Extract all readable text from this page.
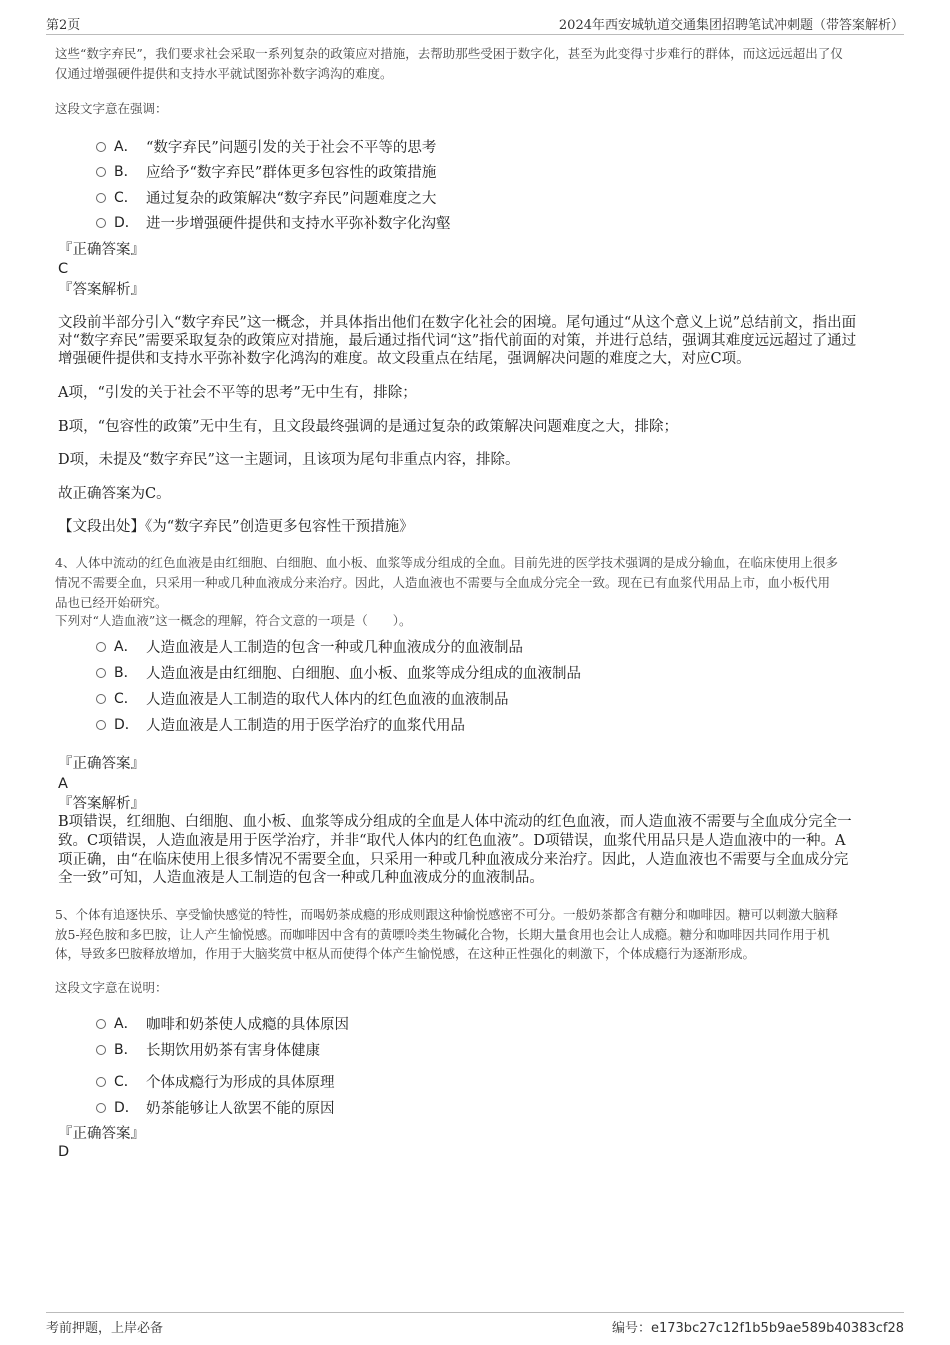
第2页	2024年西安城轨道交通集团招聘笔试冲刺题（带答案解析）

这些“数字弃民”，我们要求社会采取一系列复杂的政策应对措施，去帮助那些受困于数字化，甚至为此变得寸步难行的群体，而这远远超出了仅

仅通过增强硬件提供和支持水平就试图弥补数字鸿沟的难度。

这段文字意在强调：

A． “数字弃民”问题引发的关于社会不平等的思考
B． 应给予“数字弃民”群体更多包容性的政策措施
C． 通过复杂的政策解决“数字弃民”问题难度之大
D． 进一步增强硬件提供和支持水平弥补数字化沟壑

『正确答案』

C

『答案解析』

文段前半部分引入“数字弃民”这一概念，并具体指出他们在数字化社会的困境。尾句通过“从这个意义上说”总结前文，指出面

对“数字弃民”需要采取复杂的政策应对措施，最后通过指代词“这”指代前面的对策，并进行总结，强调其难度远远超过了通过

增强硬件提供和支持水平弥补数字化鸿沟的难度。故文段重点在结尾，强调解决问题的难度之大，对应C项。

A项，“引发的关于社会不平等的思考”无中生有，排除；

B项，“包容性的政策”无中生有，且文段最终强调的是通过复杂的政策解决问题难度之大，排除；

D项，未提及“数字弃民”这一主题词，且该项为尾句非重点内容，排除。

故正确答案为C。

【文段出处】《为“数字弃民”创造更多包容性干预措施》

4、人体中流动的红色血液是由红细胞、白细胞、血小板、血浆等成分组成的全血。目前先进的医学技术强调的是成分输血，在临床使用上很多

情况不需要全血，只采用一种或几种血液成分来治疗。因此，人造血液也不需要与全血成分完全一致。现在已有血浆代用品上市，血小板代用

品也已经开始研究。

下列对“人造血液”这一概念的理解，符合文意的一项是（　　）。

A． 人造血液是人工制造的包含一种或几种血液成分的血液制品
B． 人造血液是由红细胞、白细胞、血小板、血浆等成分组成的血液制品
C． 人造血液是人工制造的取代人体内的红色血液的血液制品
D． 人造血液是人工制造的用于医学治疗的血浆代用品

『正确答案』

A

『答案解析』

B项错误，红细胞、白细胞、血小板、血浆等成分组成的全血是人体中流动的红色血液，而人造血液不需要与全血成分完全一

致。C项错误，人造血液是用于医学治疗，并非“取代人体内的红色血液”。D项错误，血浆代用品只是人造血液中的一种。A

项正确，由“在临床使用上很多情况不需要全血，只采用一种或几种血液成分来治疗。因此，人造血液也不需要与全血成分完

全一致”可知，人造血液是人工制造的包含一种或几种血液成分的血液制品。

5、个体有追逐快乐、享受愉快感觉的特性，而喝奶茶成瘾的形成则跟这种愉悦感密不可分。一般奶茶都含有糖分和咖啡因。糖可以刺激大脑释

放5-羟色胺和多巴胺，让人产生愉悦感。而咖啡因中含有的黄嘌呤类生物碱化合物，长期大量食用也会让人成瘾。糖分和咖啡因共同作用于机

体，导致多巴胺释放增加，作用于大脑奖赏中枢从而使得个体产生愉悦感，在这种正性强化的刺激下，个体成瘾行为逐渐形成。

这段文字意在说明：

A． 咖啡和奶茶使人成瘾的具体原因
B． 长期饮用奶茶有害身体健康
C． 个体成瘾行为形成的具体原理
D． 奶茶能够让人欲罢不能的原因

『正确答案』

D

考前押题，上岸必备	编号：e173bc27c12f1b5b9ae589b40383cf28
